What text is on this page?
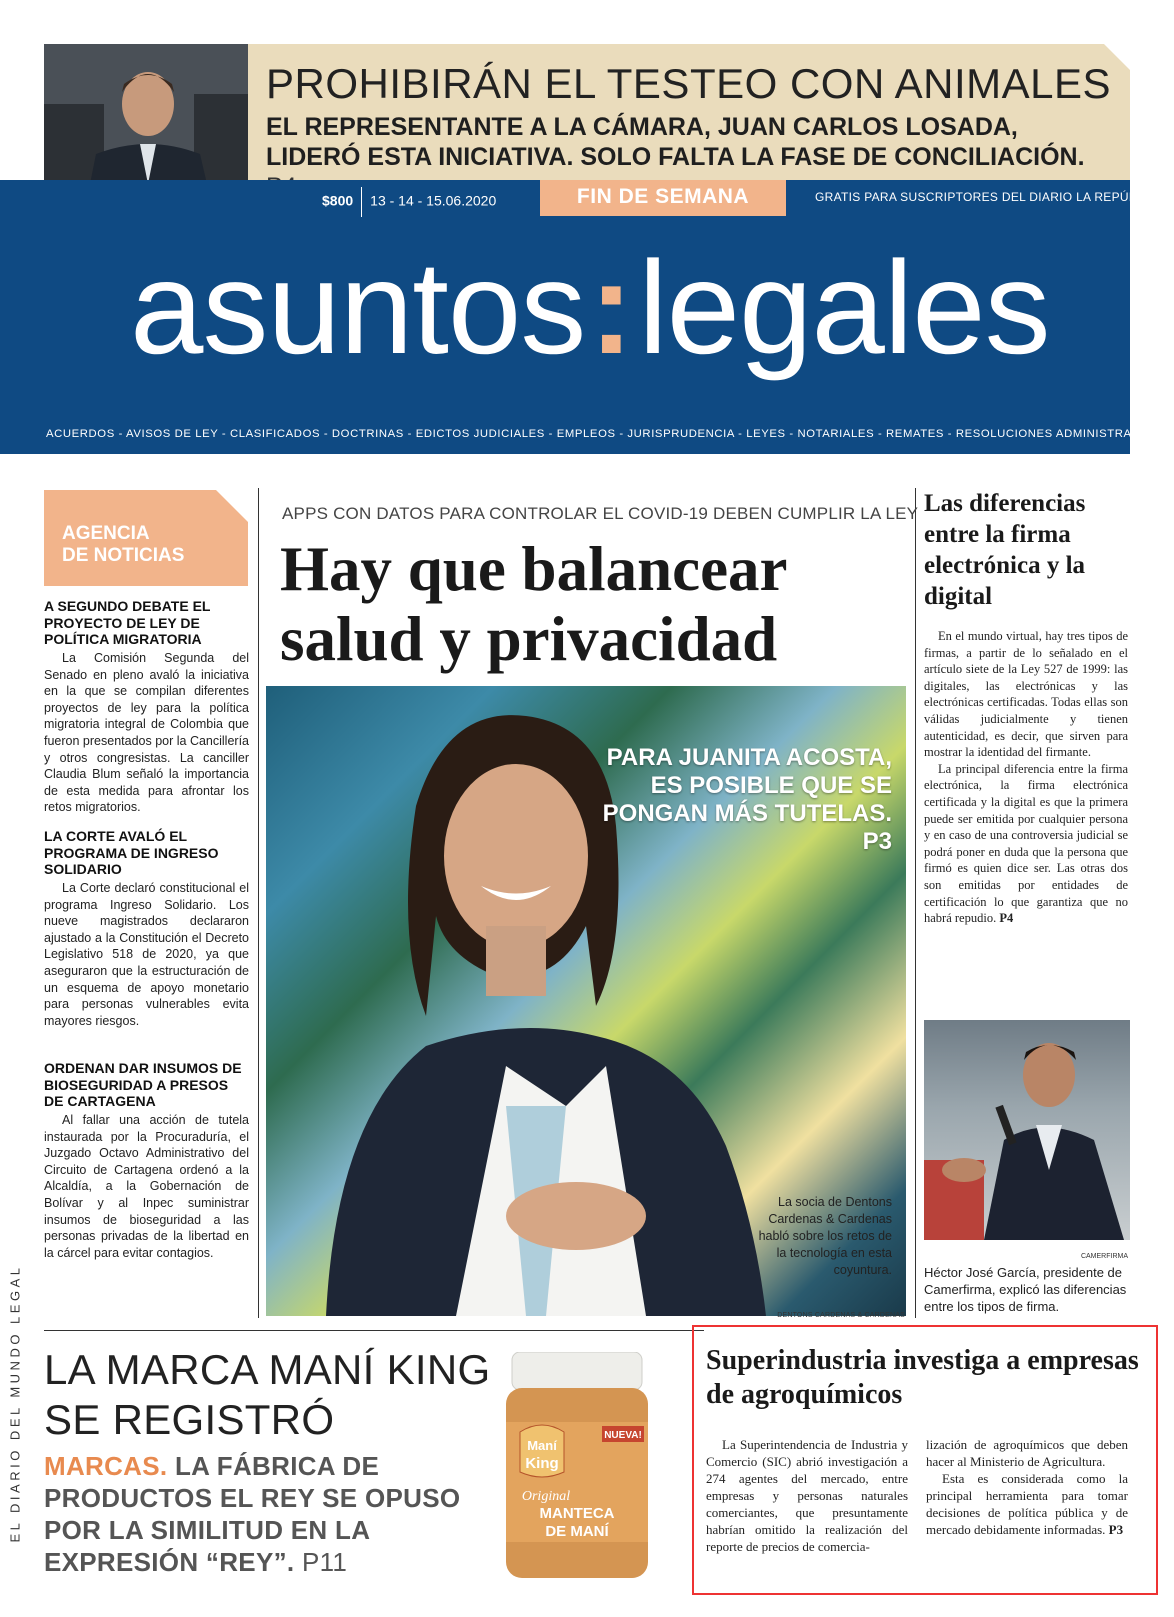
PROHIBIRÁN EL TESTEO CON ANIMALES
EL REPRESENTANTE A LA CÁMARA, JUAN CARLOS LOSADA, LIDERÓ ESTA INICIATIVA. SOLO FALTA LA FASE DE CONCILIACIÓN.
$800 13 - 14 - 15.06.2020	FIN DE SEMANA	GRATIS PARA SUSCRIPTORES DEL DIARIO LA REPÚBLICA
asuntos:legales
ACUERDOS - AVISOS DE LEY - CLASIFICADOS - DOCTRINAS - EDICTOS JUDICIALES - EMPLEOS - JURISPRUDENCIA - LEYES - NOTARIALES - REMATES - RESOLUCIONES ADMINISTRATIVAS
AGENCIA
DE NOTICIAS
A SEGUNDO DEBATE EL PROYECTO DE LEY DE POLÍTICA MIGRATORIA
La Comisión Segunda del Senado en pleno avaló la iniciativa en la que se compilan diferentes proyectos de ley para la política migratoria integral de Colombia que fueron presentados por la Cancillería y otros congresistas. La canciller Claudia Blum señaló la importancia de esta medida para afrontar los retos migratorios.
LA CORTE AVALÓ EL PROGRAMA DE INGRESO SOLIDARIO
La Corte declaró constitucional el programa Ingreso Solidario. Los nueve magistrados declararon ajustado a la Constitución el Decreto Legislativo 518 de 2020, ya que aseguraron que la estructuración de un esquema de apoyo monetario para personas vulnerables evita mayores riesgos.
ORDENAN DAR INSUMOS DE BIOSEGURIDAD A PRESOS DE CARTAGENA
Al fallar una acción de tutela instaurada por la Procuraduría, el Juzgado Octavo Administrativo del Circuito de Cartagena ordenó a la Alcaldía, a la Gobernación de Bolívar y al Inpec suministrar insumos de bioseguridad a las personas privadas de la libertad en la cárcel para evitar contagios.
EL DIARIO DEL MUNDO LEGAL
APPS CON DATOS PARA CONTROLAR EL COVID-19 DEBEN CUMPLIR LA LEY
Hay que balancear salud y privacidad
PARA JUANITA ACOSTA, ES POSIBLE QUE SE PONGAN MÁS TUTELAS. P3
La socia de Dentons Cardenas & Cardenas habló sobre los retos de la tecnología en esta coyuntura.
DENTONS CARDENAS & CARDENAS
Las diferencias entre la firma electrónica y la digital

En el mundo virtual, hay tres tipos de firmas, a partir de lo señalado en el artículo siete de la Ley 527 de 1999: las digitales, las electrónicas y las electrónicas certificadas. Todas ellas son válidas judicialmente y tienen autenticidad, es decir, que sirven para mostrar la identidad del firmante.

La principal diferencia entre la firma electrónica, la firma electrónica certificada y la digital es que la primera puede ser emitida por cualquier persona y en caso de una controversia judicial se podrá poner en duda que la persona que firmó es quien dice ser. Las otras dos son emitidas por entidades de certificación lo que garantiza que no habrá repudio. P4

CAMERFIRMA
Héctor José García, presidente de Camerfirma, explicó las diferencias entre los tipos de firma.
LA MARCA MANÍ KING SE REGISTRÓ
MARCAS. LA FÁBRICA DE PRODUCTOS EL REY SE OPUSO POR LA SIMILITUD EN LA EXPRESIÓN “REY”. P11
Maní
King
NUEVA!
Original
MANTECA
DE MANÍ
Superindustria investiga a empresas de agroquímicos

La Superintendencia de Industria y Comercio (SIC) abrió investigación a 274 agentes del mercado, entre empresas y personas naturales comerciantes, que presuntamente habrían omitido la realización del reporte de precios de comercia-

lización de agroquímicos que deben hacer al Ministerio de Agricultura.

Esta es considerada como la principal herramienta para tomar decisiones de política pública y de mercado debidamente informadas. P3
